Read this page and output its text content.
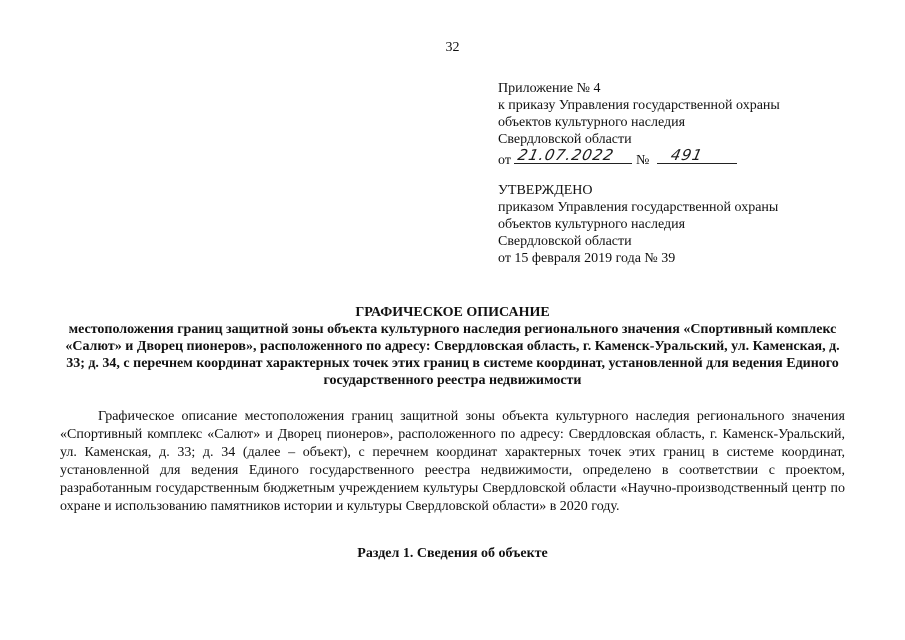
32
Приложение № 4
к приказу Управления государственной охраны
объектов культурного наследия
Свердловской области
от 21.07.2022 № 491
УТВЕРЖДЕНО
приказом Управления государственной охраны
объектов культурного наследия
Свердловской области
от 15 февраля 2019 года № 39

ГРАФИЧЕСКОЕ ОПИСАНИЕ

местоположения границ защитной зоны объекта культурного наследия регионального значения «Спортивный комплекс «Салют» и Дворец пионеров», расположенного по адресу: Свердловская область, г. Каменск-Уральский, ул. Каменская, д. 33; д. 34, с перечнем координат характерных точек этих границ в системе координат, установленной для ведения Единого государственного реестра недвижимости

Графическое описание местоположения границ защитной зоны объекта культурного наследия регионального значения «Спортивный комплекс «Салют» и Дворец пионеров», расположенного по адресу: Свердловская область, г. Каменск-Уральский, ул. Каменская, д. 33; д. 34 (далее – объект), с перечнем координат характерных точек этих границ в системе координат, установленной для ведения Единого государственного реестра недвижимости, определено в соответствии с проектом, разработанным государственным бюджетным учреждением культуры Свердловской области «Научно-производственный центр по охране и использованию памятников истории и культуры Свердловской области» в 2020 году.

Раздел 1. Сведения об объекте
